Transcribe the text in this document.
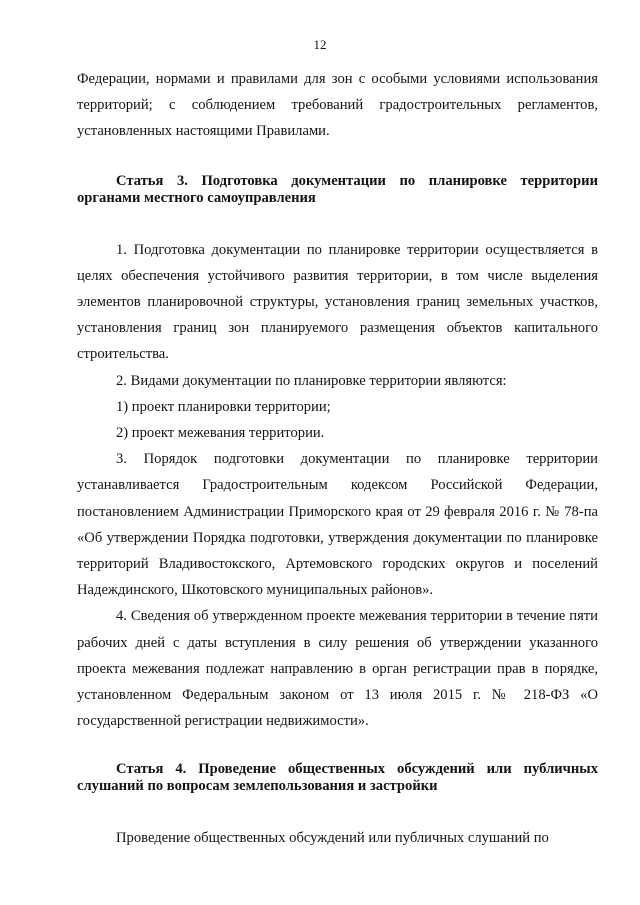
12

Федерации, нормами и правилами для зон с особыми условиями использования территорий; с соблюдением требований градостроительных регламентов, установленных настоящими Правилами.

Статья 3. Подготовка документации по планировке территории органами местного самоуправления

1. Подготовка документации по планировке территории осуществляется в целях обеспечения устойчивого развития территории, в том числе выделения элементов планировочной структуры, установления границ земельных участков, установления границ зон планируемого размещения объектов капитального строительства.

2. Видами документации по планировке территории являются:

1) проект планировки территории;

2) проект межевания территории.

3. Порядок подготовки документации по планировке территории устанавливается Градостроительным кодексом Российской Федерации, постановлением Администрации Приморского края от 29 февраля 2016 г. № 78-па «Об утверждении Порядка подготовки, утверждения документации по планировке территорий Владивостокского, Артемовского городских округов и поселений Надеждинского, Шкотовского муниципальных районов».

4. Сведения об утвержденном проекте межевания территории в течение пяти рабочих дней с даты вступления в силу решения об утверждении указанного проекта межевания подлежат направлению в орган регистрации прав в порядке, установленном Федеральным законом от 13 июля 2015 г. № 218-ФЗ «О государственной регистрации недвижимости».

Статья 4. Проведение общественных обсуждений или публичных слушаний по вопросам землепользования и застройки

Проведение общественных обсуждений или публичных слушаний по
